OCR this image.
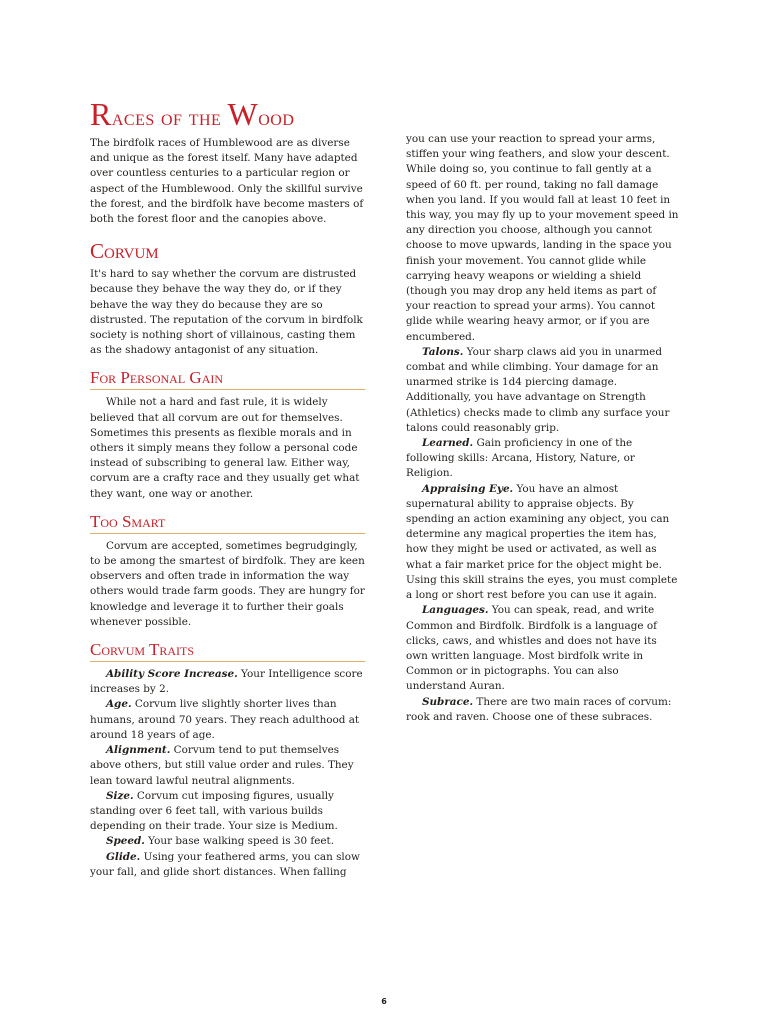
Races of the Wood

The birdfolk races of Humblewood are as diverse and unique as the forest itself. Many have adapted over countless centuries to a particular region or aspect of the Humblewood. Only the skillful survive the forest, and the birdfolk have become masters of both the forest floor and the canopies above.

Corvum

It's hard to say whether the corvum are distrusted because they behave the way they do, or if they behave the way they do because they are so distrusted. The reputation of the corvum in birdfolk society is nothing short of villainous, casting them as the shadowy antagonist of any situation.

For Personal Gain

While not a hard and fast rule, it is widely believed that all corvum are out for themselves. Sometimes this presents as flexible morals and in others it simply means they follow a personal code instead of subscribing to general law. Either way, corvum are a crafty race and they usually get what they want, one way or another.

Too Smart

Corvum are accepted, sometimes begrudgingly, to be among the smartest of birdfolk. They are keen observers and often trade in information the way others would trade farm goods. They are hungry for knowledge and leverage it to further their goals whenever possible.

Corvum Traits

Ability Score Increase. Your Intelligence score increases by 2.

Age. Corvum live slightly shorter lives than humans, around 70 years. They reach adulthood at around 18 years of age.

Alignment. Corvum tend to put themselves above others, but still value order and rules. They lean toward lawful neutral alignments.

Size. Corvum cut imposing figures, usually standing over 6 feet tall, with various builds depending on their trade. Your size is Medium.

Speed. Your base walking speed is 30 feet.

Glide. Using your feathered arms, you can slow your fall, and glide short distances. When falling

you can use your reaction to spread your arms, stiffen your wing feathers, and slow your descent. While doing so, you continue to fall gently at a speed of 60 ft. per round, taking no fall damage when you land. If you would fall at least 10 feet in this way, you may fly up to your movement speed in any direction you choose, although you cannot choose to move upwards, landing in the space you finish your movement. You cannot glide while carrying heavy weapons or wielding a shield (though you may drop any held items as part of your reaction to spread your arms). You cannot glide while wearing heavy armor, or if you are encumbered.

Talons. Your sharp claws aid you in unarmed combat and while climbing. Your damage for an unarmed strike is 1d4 piercing damage. Additionally, you have advantage on Strength (Athletics) checks made to climb any surface your talons could reasonably grip.

Learned. Gain proficiency in one of the following skills: Arcana, History, Nature, or Religion.

Appraising Eye. You have an almost supernatural ability to appraise objects. By spending an action examining any object, you can determine any magical properties the item has, how they might be used or activated, as well as what a fair market price for the object might be. Using this skill strains the eyes, you must complete a long or short rest before you can use it again.

Languages. You can speak, read, and write Common and Birdfolk. Birdfolk is a language of clicks, caws, and whistles and does not have its own written language. Most birdfolk write in Common or in pictographs. You can also understand Auran.

Subrace. There are two main races of corvum: rook and raven. Choose one of these subraces.

6
